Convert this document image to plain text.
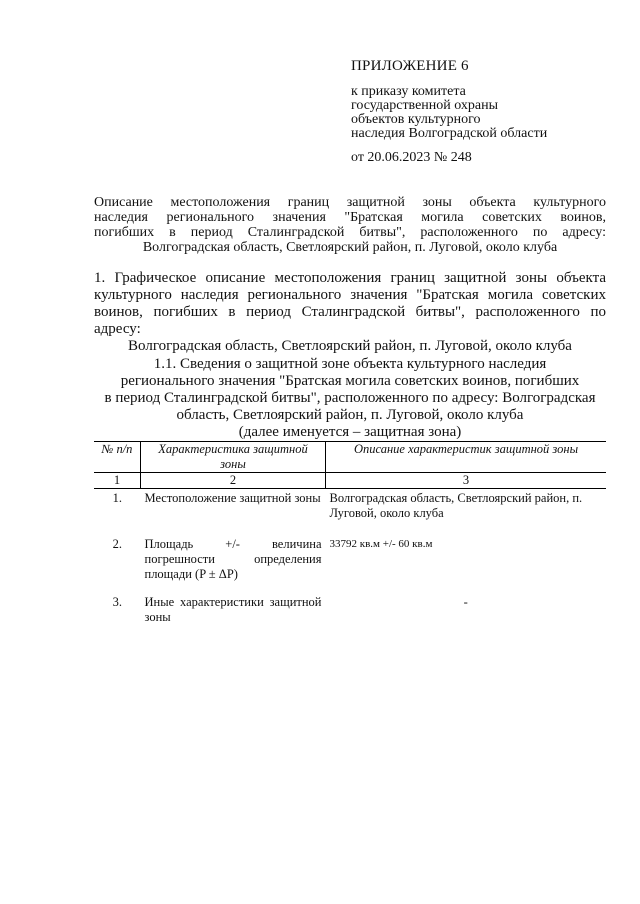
ПРИЛОЖЕНИЕ 6
к приказу комитета
государственной охраны
объектов культурного
наследия Волгоградской области
от 20.06.2023 № 248
Описание местоположения границ защитной зоны объекта культурного
наследия регионального значения "Братская могила советских воинов,
погибших в период Сталинградской битвы", расположенного по адресу:
Волгоградская область, Светлоярский район, п. Луговой, около клуба
1. Графическое описание местоположения границ защитной зоны объекта
культурного наследия регионального значения "Братская могила советских
воинов, погибших в период Сталинградской битвы", расположенного по адресу:
Волгоградская область, Светлоярский район, п. Луговой, около клуба
1.1. Сведения о защитной зоне объекта культурного наследия
регионального значения "Братская могила советских воинов, погибших
в период Сталинградской битвы", расположенного по адресу: Волгоградская
область, Светлоярский район, п. Луговой, около клуба
(далее именуется – защитная зона)
№ п/п	Характеристика защитной зоны	Описание характеристик защитной зоны
1	2	3
1.	Местоположение защитной зоны	Волгоградская область, Светлоярский район, п. Луговой, около клуба
2.	Площадь +/- величина погрешности определения площади (P ± ΔP)	33792 кв.м +/- 60 кв.м
3.	Иные характеристики защитной зоны	-
